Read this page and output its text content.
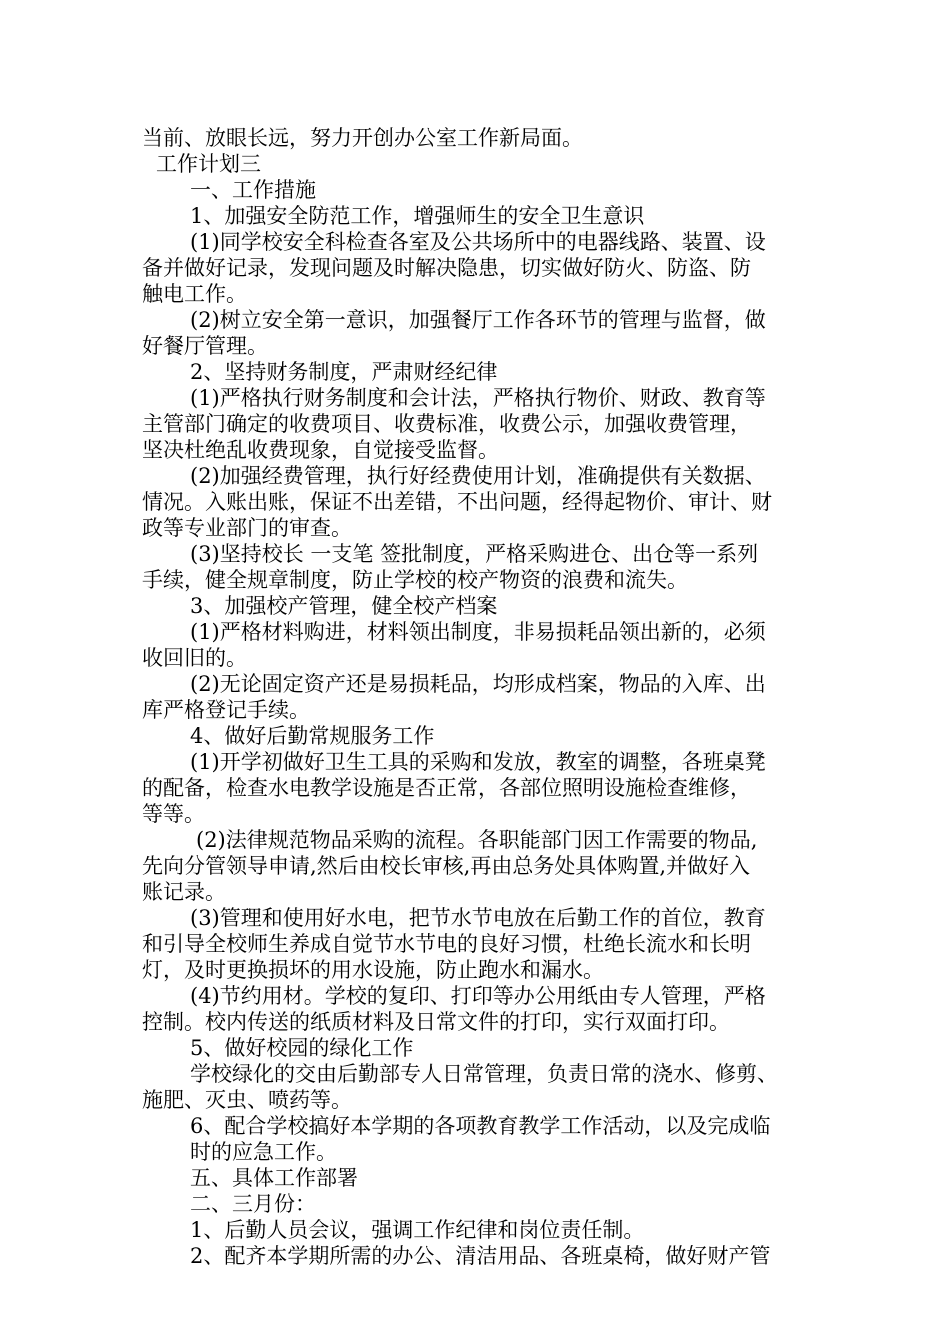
当前、放眼长远，努力开创办公室工作新局面。
工作计划三
一、工作措施
1、加强安全防范工作，增强师生的安全卫生意识
(1)同学校安全科检查各室及公共场所中的电器线路、装置、设
备并做好记录，发现问题及时解决隐患，切实做好防火、防盗、防
触电工作。
(2)树立安全第一意识，加强餐厅工作各环节的管理与监督，做
好餐厅管理。
2、坚持财务制度，严肃财经纪律
(1)严格执行财务制度和会计法，严格执行物价、财政、教育等
主管部门确定的收费项目、收费标准，收费公示，加强收费管理，
坚决杜绝乱收费现象，自觉接受监督。
(2)加强经费管理，执行好经费使用计划，准确提供有关数据、
情况。入账出账，保证不出差错，不出问题，经得起物价、审计、财
政等专业部门的审查。
(3)坚持校长 一支笔 签批制度，严格采购进仓、出仓等一系列
手续，健全规章制度，防止学校的校产物资的浪费和流失。
3、加强校产管理，健全校产档案
(1)严格材料购进，材料领出制度，非易损耗品领出新的，必须
收回旧的。
(2)无论固定资产还是易损耗品，均形成档案，物品的入库、出
库严格登记手续。
4、做好后勤常规服务工作
(1)开学初做好卫生工具的采购和发放，教室的调整，各班桌凳
的配备，检查水电教学设施是否正常，各部位照明设施检查维修，
等等。
(2)法律规范物品采购的流程。各职能部门因工作需要的物品,
先向分管领导申请,然后由校长审核,再由总务处具体购置,并做好入
账记录。
(3)管理和使用好水电，把节水节电放在后勤工作的首位，教育
和引导全校师生养成自觉节水节电的良好习惯，杜绝长流水和长明
灯，及时更换损坏的用水设施，防止跑水和漏水。
(4)节约用材。学校的复印、打印等办公用纸由专人管理，严格
控制。校内传送的纸质材料及日常文件的打印，实行双面打印。
5、做好校园的绿化工作
学校绿化的交由后勤部专人日常管理，负责日常的浇水、修剪、
施肥、灭虫、喷药等。
6、配合学校搞好本学期的各项教育教学工作活动，以及完成临
时的应急工作。
五、具体工作部署
二、三月份：
1、后勤人员会议，强调工作纪律和岗位责任制。
2、配齐本学期所需的办公、清洁用品、各班桌椅，做好财产管
